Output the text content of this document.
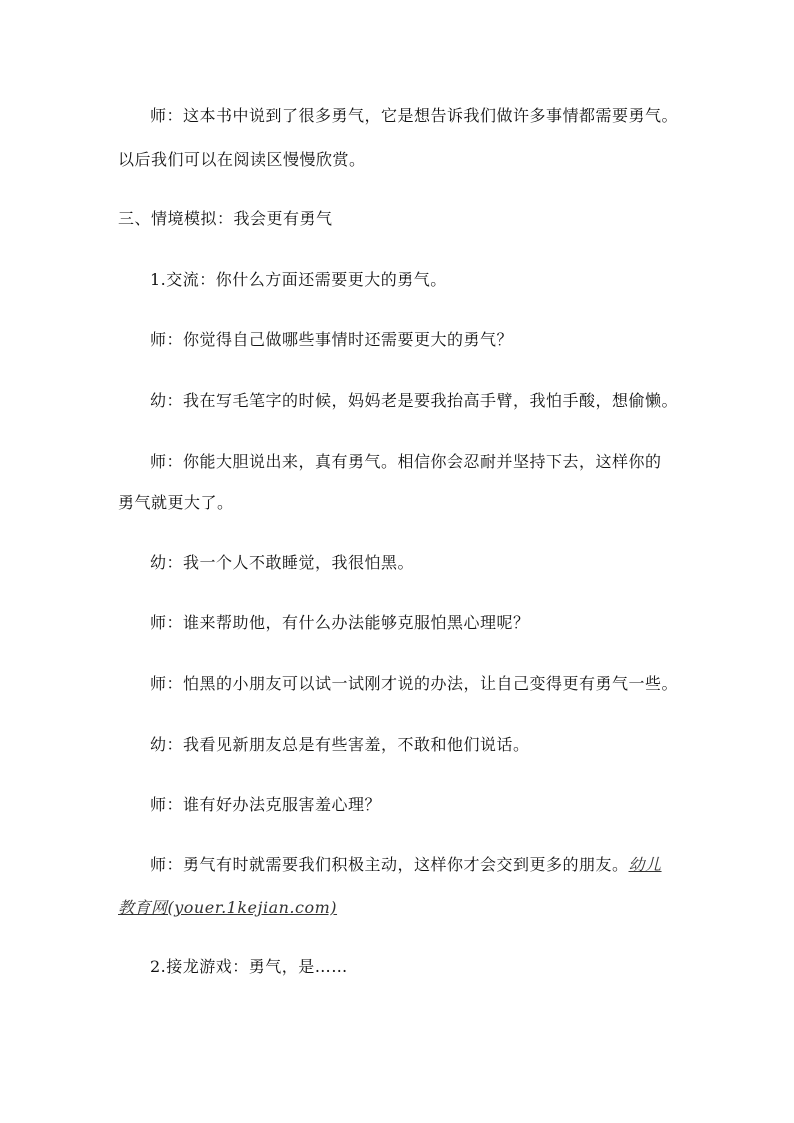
师：这本书中说到了很多勇气，它是想告诉我们做许多事情都需要勇气。
以后我们可以在阅读区慢慢欣赏。
三、情境模拟：我会更有勇气
1.交流：你什么方面还需要更大的勇气。
师：你觉得自己做哪些事情时还需要更大的勇气？
幼：我在写毛笔字的时候，妈妈老是要我抬高手臂，我怕手酸，想偷懒。
师：你能大胆说出来，真有勇气。相信你会忍耐并坚持下去，这样你的
勇气就更大了。
幼：我一个人不敢睡觉，我很怕黑。
师：谁来帮助他，有什么办法能够克服怕黑心理呢？
师：怕黑的小朋友可以试一试刚才说的办法，让自己变得更有勇气一些。
幼：我看见新朋友总是有些害羞，不敢和他们说话。
师：谁有好办法克服害羞心理？
师：勇气有时就需要我们积极主动，这样你才会交到更多的朋友。幼儿
教育网(youer.1kejian.com)
2.接龙游戏：勇气，是……
